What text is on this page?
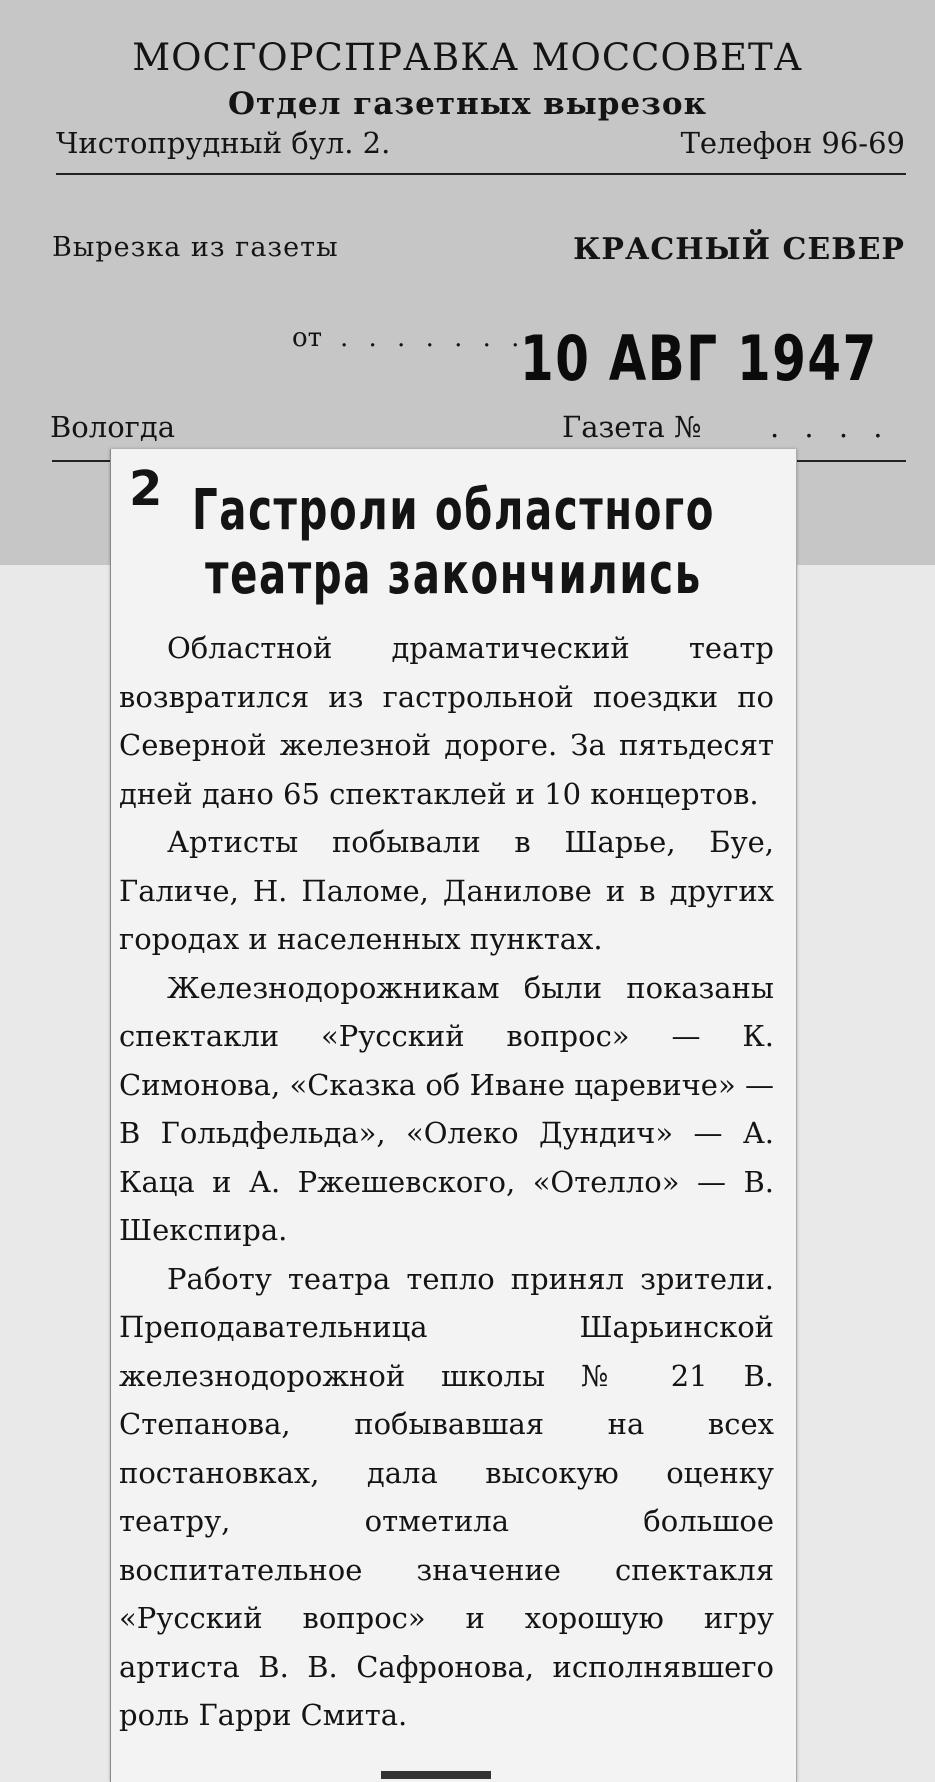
МОСГОРСПРАВКА МОССОВЕТА
Отдел газетных вырезок
Чистопрудный бул. 2.	Телефон 96-69
Вырезка из газеты	КРАСНЫЙ СЕВЕР
от . . . . . . .
10 АВГ 1947
Вологда	Газета № . . . .
2 Гастроли областного театра закончились

Областной драматический театр возвратился из гастрольной поездки по Северной железной дороге. За пятьдесят дней дано 65 спектаклей и 10 концертов.

Артисты побывали в Шарье, Буе, Галиче, Н. Паломе, Данилове и в других городах и населенных пунктах.

Железнодорожникам были показаны спектакли «Русский вопрос» — К. Симонова, «Сказка об Иване царевиче» — В Гольдфельда», «Олеко Дундич» — А. Каца и А. Ржешевского, «Отелло» — В. Шекспира.

Работу театра тепло принял зрители. Преподавательница Шарьинской железнодорожной школы № 21 В. Степанова, побывавшая на всех постановках, дала высокую оценку театру, отметила большое воспитательное значение спектакля «Русский вопрос» и хорошую игру артиста В. В. Сафронова, исполнявшего роль Гарри Смита.
